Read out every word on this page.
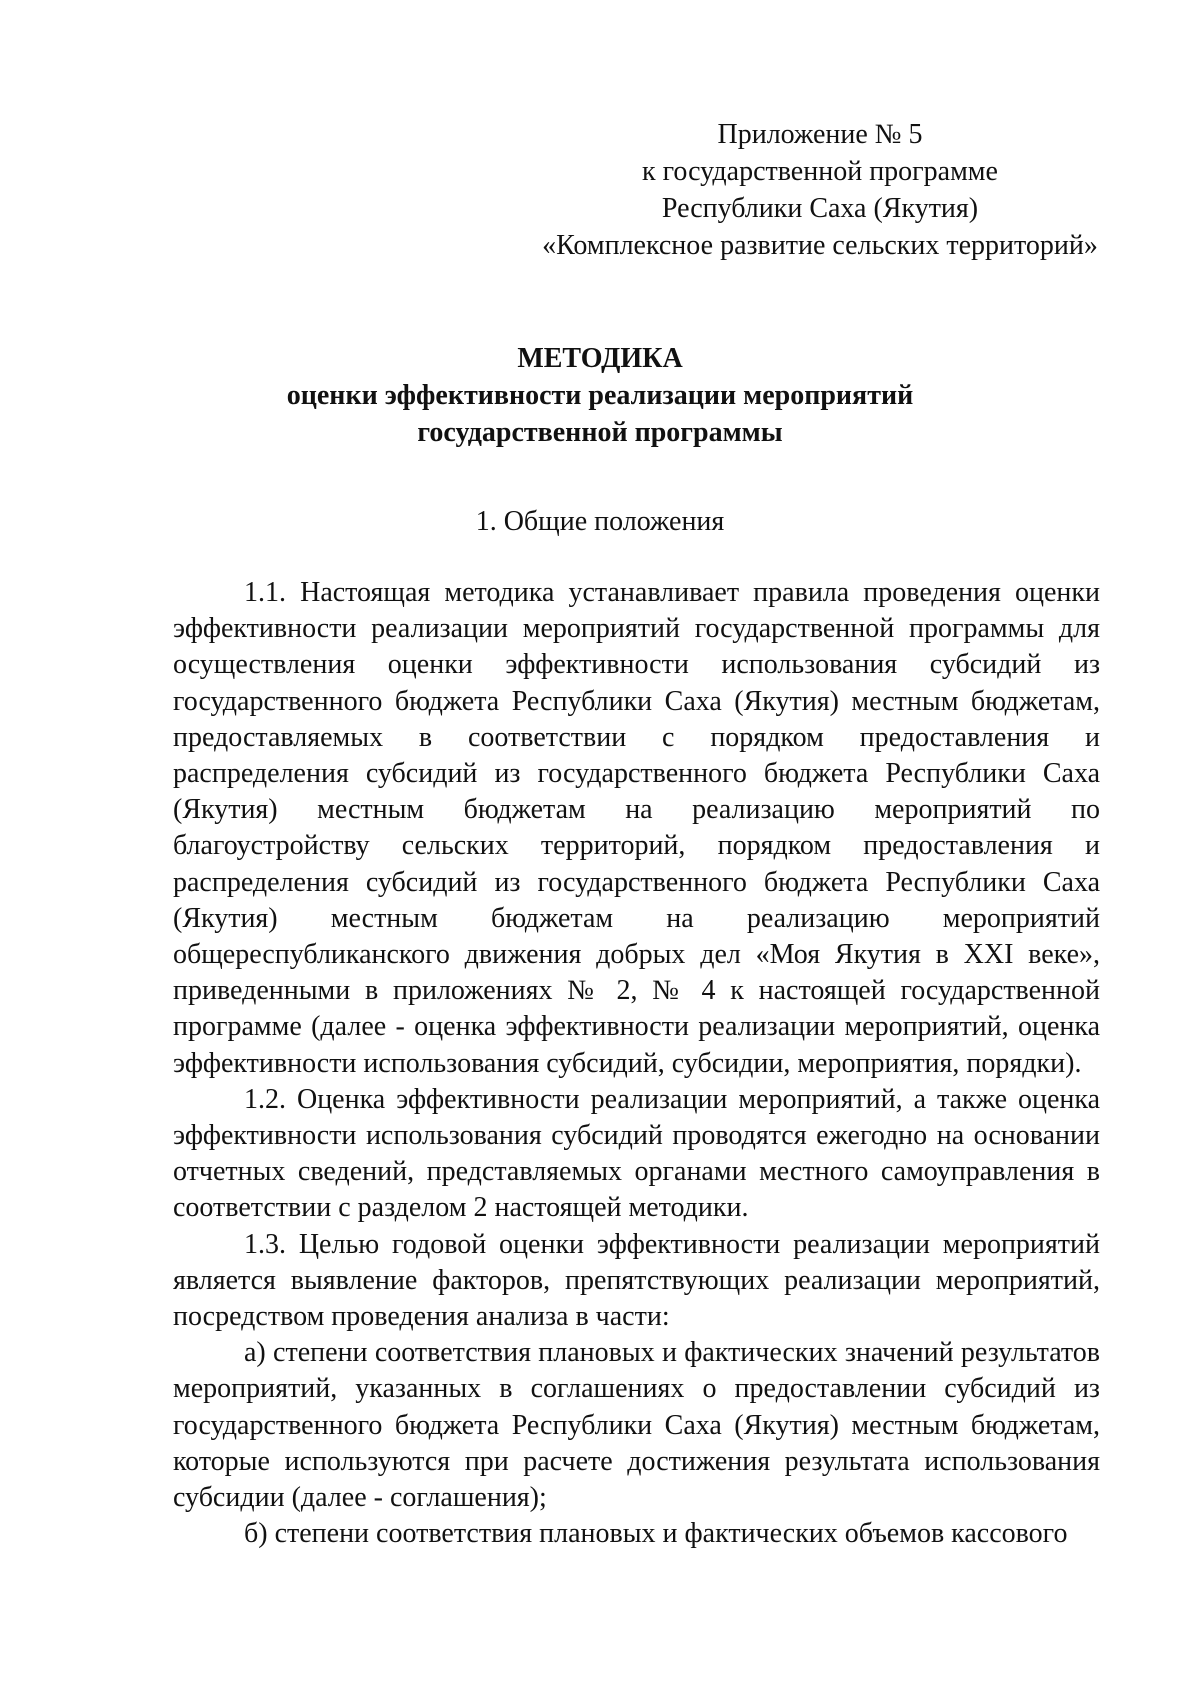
Приложение № 5
к государственной программе
Республики Саха (Якутия)
«Комплексное развитие сельских территорий»
МЕТОДИКА
оценки эффективности реализации мероприятий
государственной программы
1. Общие положения

1.1. Настоящая методика устанавливает правила проведения оценки эффективности реализации мероприятий государственной программы для осуществления оценки эффективности использования субсидий из государственного бюджета Республики Саха (Якутия) местным бюджетам, предоставляемых в соответствии с порядком предоставления и распределения субсидий из государственного бюджета Республики Саха (Якутия) местным бюджетам на реализацию мероприятий по благоустройству сельских территорий, порядком предоставления и распределения субсидий из государственного бюджета Республики Саха (Якутия) местным бюджетам на реализацию мероприятий общереспубликанского движения добрых дел «Моя Якутия в XXI веке», приведенными в приложениях № 2, № 4 к настоящей государственной программе (далее - оценка эффективности реализации мероприятий, оценка эффективности использования субсидий, субсидии, мероприятия, порядки).

1.2. Оценка эффективности реализации мероприятий, а также оценка эффективности использования субсидий проводятся ежегодно на основании отчетных сведений, представляемых органами местного самоуправления в соответствии с разделом 2 настоящей методики.

1.3. Целью годовой оценки эффективности реализации мероприятий является выявление факторов, препятствующих реализации мероприятий, посредством проведения анализа в части:

а) степени соответствия плановых и фактических значений результатов мероприятий, указанных в соглашениях о предоставлении субсидий из государственного бюджета Республики Саха (Якутия) местным бюджетам, которые используются при расчете достижения результата использования субсидии (далее - соглашения);

б) степени соответствия плановых и фактических объемов кассового
